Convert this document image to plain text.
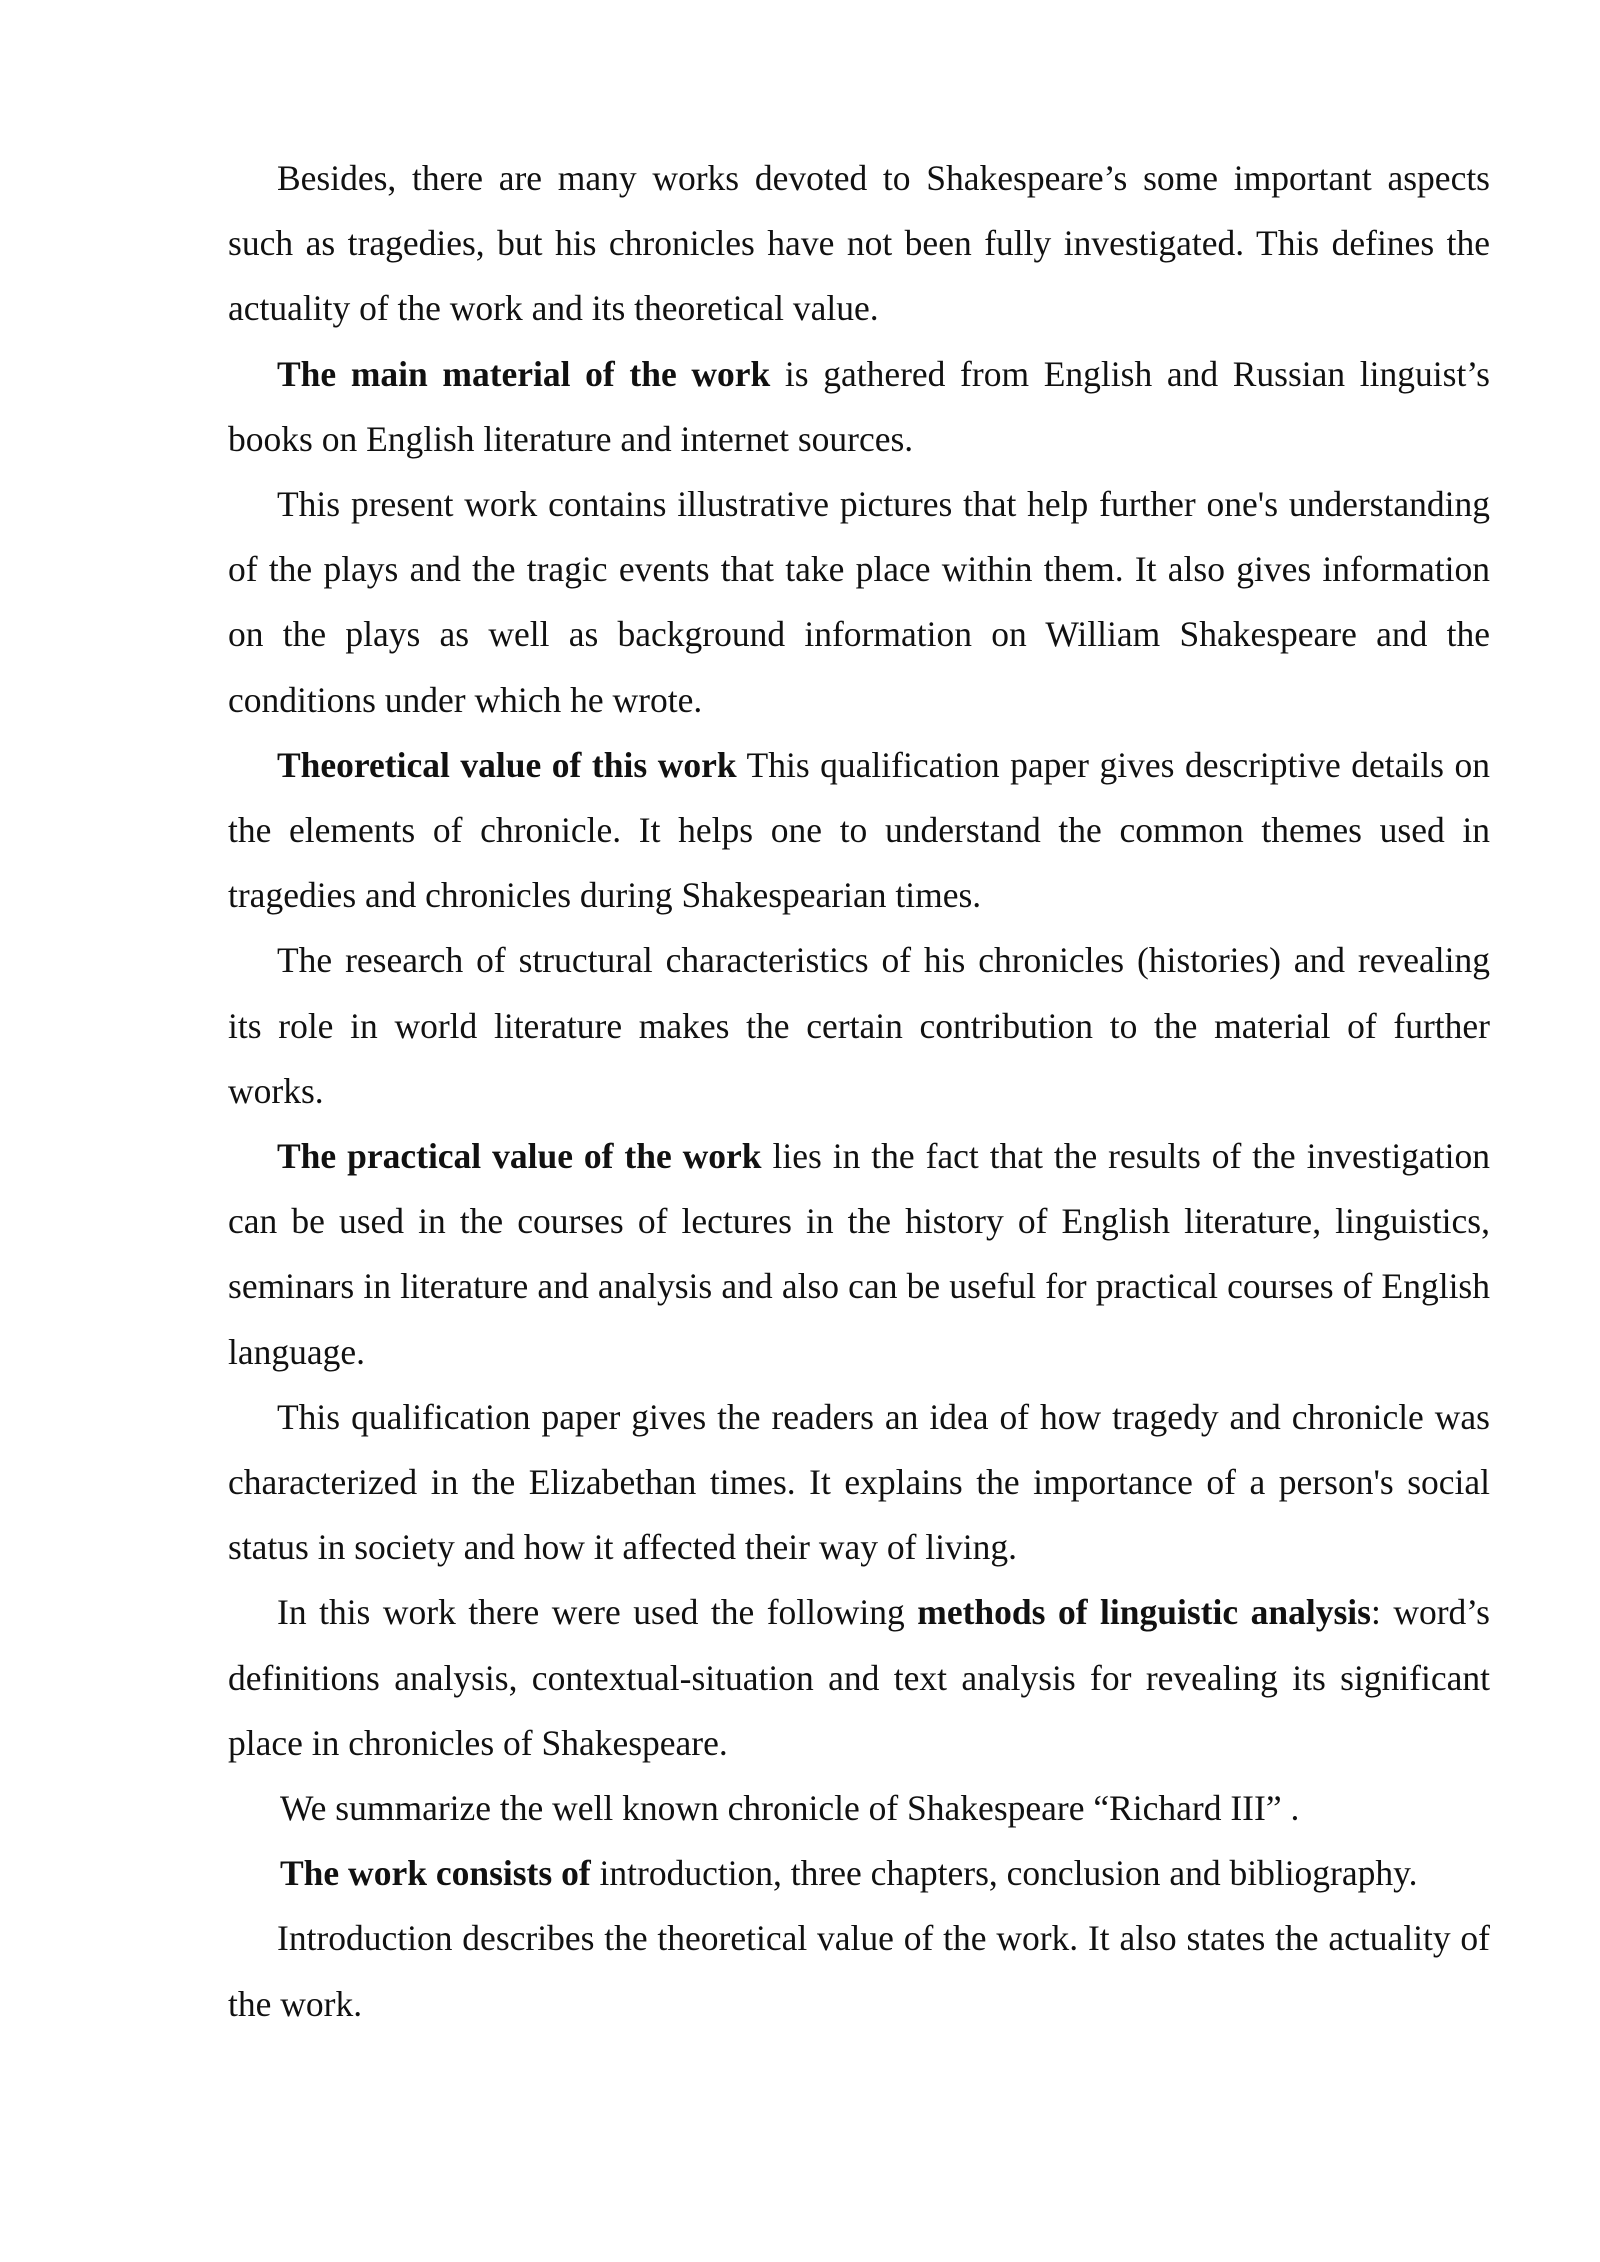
Besides, there are many works devoted to Shakespeare’s some important aspects such as tragedies, but his chronicles have not been fully investigated. This defines the actuality of the work and its theoretical value.

The main material of the work is gathered from English and Russian linguist’s books on English literature and internet sources.

This present work contains illustrative pictures that help further one's understanding of the plays and the tragic events that take place within them. It also gives information on the plays as well as background information on William Shakespeare and the conditions under which he wrote.

Theoretical value of this work This qualification paper gives descriptive details on the elements of chronicle. It helps one to understand the common themes used in tragedies and chronicles during Shakespearian times.

The research of structural characteristics of his chronicles (histories) and revealing its role in world literature makes the certain contribution to the material of further works.

The practical value of the work lies in the fact that the results of the investigation can be used in the courses of lectures in the history of English literature, linguistics, seminars in literature and analysis and also can be useful for practical courses of English language.

This qualification paper gives the readers an idea of how tragedy and chronicle was characterized in the Elizabethan times. It explains the importance of a person's social status in society and how it affected their way of living.

In this work there were used the following methods of linguistic analysis: word’s definitions analysis, contextual-situation and text analysis for revealing its significant place in chronicles of Shakespeare.

We summarize the well known chronicle of Shakespeare “Richard III” .

The work consists of introduction, three chapters, conclusion and bibliography.

Introduction describes the theoretical value of the work. It also states the actuality of the work.
